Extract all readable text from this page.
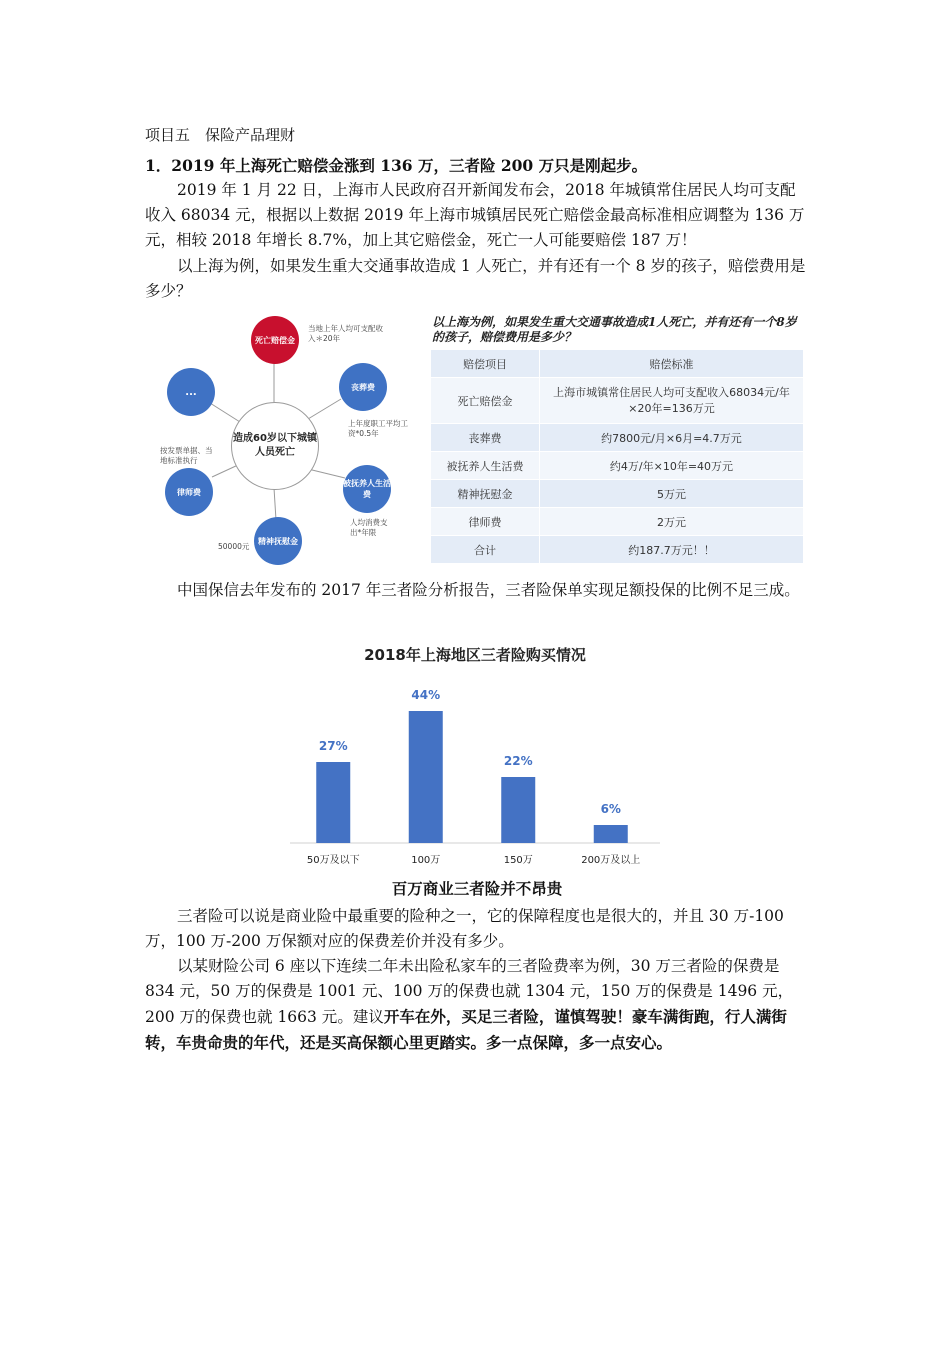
项目五　保险产品理财
1．2019 年上海死亡赔偿金涨到 136 万，三者险 200 万只是刚起步。
2019 年 1 月 22 日，上海市人民政府召开新闻发布会，2018 年城镇常住居民人均可支配收入 68034 元，根据以上数据 2019 年上海市城镇居民死亡赔偿金最高标准相应调整为 136 万元，相较 2018 年增长 8.7%，加上其它赔偿金，死亡一人可能要赔偿 187 万！
以上海为例，如果发生重大交通事故造成 1 人死亡，并有还有一个 8 岁的孩子，赔偿费用是多少？
死亡赔偿金
丧葬费
被抚养人生活费
精神抚慰金
律师费
...
造成60岁以下城镇人员死亡
当地上年人均可支配收入＊20年
上年度职工平均工资*0.5年
人均消费支出*年限
50000元
按发票单据、当地标准执行
以上海为例，如果发生重大交通事故造成1人死亡，并有还有一个8岁的孩子，赔偿费用是多少？
赔偿项目	赔偿标准
死亡赔偿金	上海市城镇常住居民人均可支配收入68034元/年×20年=136万元
丧葬费	约7800元/月×6月=4.7万元
被抚养人生活费	约4万/年×10年=40万元
精神抚慰金	5万元
律师费	2万元
合计	约187.7万元！！
中国保信去年发布的 2017 年三者险分析报告，三者险保单实现足额投保的比例不足三成。
2018年上海地区三者险购买情况
27%
50万及以下
44%
100万
22%
150万
6%
200万及以上
百万商业三者险并不昂贵
三者险可以说是商业险中最重要的险种之一，它的保障程度也是很大的，并且 30 万-100 万，100 万-200 万保额对应的保费差价并没有多少。
以某财险公司 6 座以下连续二年未出险私家车的三者险费率为例，30 万三者险的保费是 834 元，50 万的保费是 1001 元、100 万的保费也就 1304 元，150 万的保费是 1496 元，200 万的保费也就 1663 元。建议开车在外，买足三者险，谨慎驾驶！豪车满街跑，行人满街转，车贵命贵的年代，还是买高保额心里更踏实。多一点保障，多一点安心。
